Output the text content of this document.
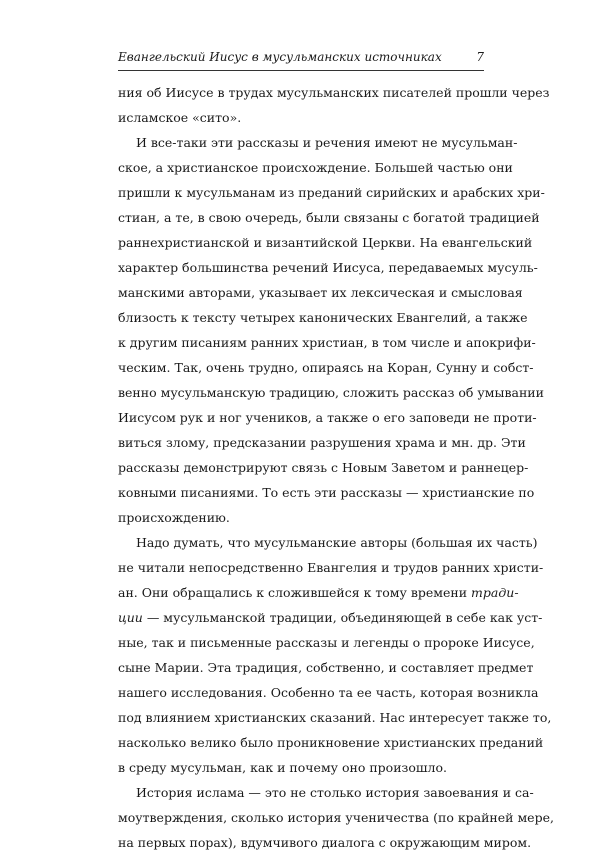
Евангельский Иисус в мусульманских источниках	7
ния об Иисусе в трудах мусульманских писателей прошли через
исламское «сито».
И все-таки эти рассказы и речения имеют не мусульман-
ское, а христианское происхождение. Большей частью они
пришли к мусульманам из преданий сирийских и арабских хри-
стиан, а те, в свою очередь, были связаны с богатой традицией
раннехристианской и византийской Церкви. На евангельский
характер большинства речений Иисуса, передаваемых мусуль-
манскими авторами, указывает их лексическая и смысловая
близость к тексту четырех канонических Евангелий, а также
к другим писаниям ранних христиан, в том числе и апокрифи-
ческим. Так, очень трудно, опираясь на Коран, Сунну и собст-
венно мусульманскую традицию, сложить рассказ об умывании
Иисусом рук и ног учеников, а также о его заповеди не проти-
виться злому, предсказании разрушения храма и мн. др. Эти
рассказы демонстрируют связь с Новым Заветом и раннецер-
ковными писаниями. То есть эти рассказы — христианские по
происхождению.
Надо думать, что мусульманские авторы (большая их часть)
не читали непосредственно Евангелия и трудов ранних христи-
ан. Они обращались к сложившейся к тому времени тради-
ции — мусульманской традиции, объединяющей в себе как уст-
ные, так и письменные рассказы и легенды о пророке Иисусе,
сыне Марии. Эта традиция, собственно, и составляет предмет
нашего исследования. Особенно та ее часть, которая возникла
под влиянием христианских сказаний. Нас интересует также то,
насколько велико было проникновение христианских преданий
в среду мусульман, как и почему оно произошло.
История ислама — это не столько история завоевания и са-
моутверждения, сколько история ученичества (по крайней мере,
на первых порах), вдумчивого диалога с окружающим миром.
